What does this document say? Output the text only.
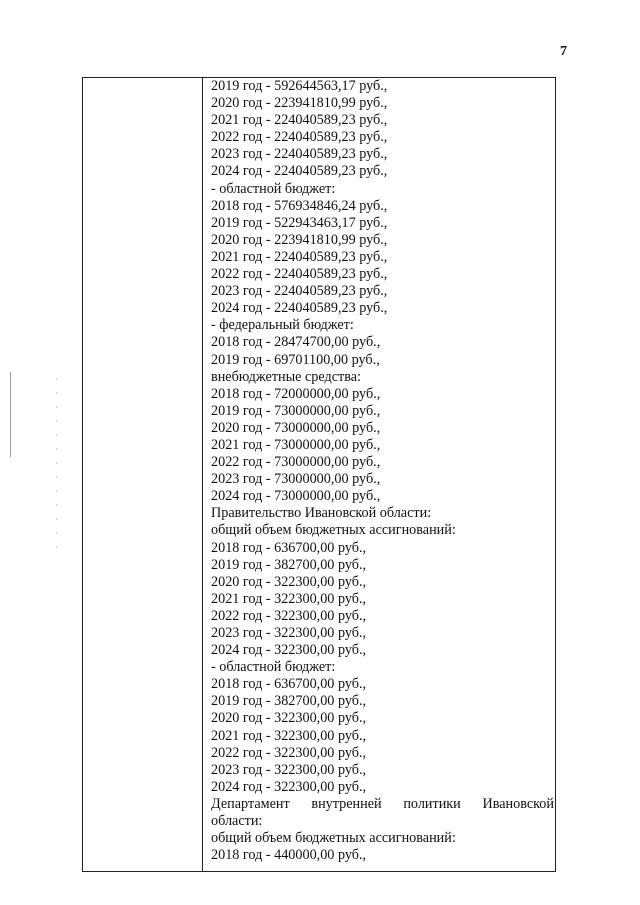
7
2019 год - 592644563,17 руб.,
2020 год - 223941810,99 руб.,
2021 год - 224040589,23 руб.,
2022 год - 224040589,23 руб.,
2023 год - 224040589,23 руб.,
2024 год - 224040589,23 руб.,
- областной бюджет:
2018 год - 576934846,24 руб.,
2019 год - 522943463,17 руб.,
2020 год - 223941810,99 руб.,
2021 год - 224040589,23 руб.,
2022 год - 224040589,23 руб.,
2023 год - 224040589,23 руб.,
2024 год - 224040589,23 руб.,
- федеральный бюджет:
2018 год - 28474700,00 руб.,
2019 год - 69701100,00 руб.,
внебюджетные средства:
2018 год - 72000000,00 руб.,
2019 год - 73000000,00 руб.,
2020 год - 73000000,00 руб.,
2021 год - 73000000,00 руб.,
2022 год - 73000000,00 руб.,
2023 год - 73000000,00 руб.,
2024 год - 73000000,00 руб.,
Правительство Ивановской области:
общий объем бюджетных ассигнований:
2018 год - 636700,00 руб.,
2019 год - 382700,00 руб.,
2020 год - 322300,00 руб.,
2021 год - 322300,00 руб.,
2022 год - 322300,00 руб.,
2023 год - 322300,00 руб.,
2024 год - 322300,00 руб.,
- областной бюджет:
2018 год - 636700,00 руб.,
2019 год - 382700,00 руб.,
2020 год - 322300,00 руб.,
2021 год - 322300,00 руб.,
2022 год - 322300,00 руб.,
2023 год - 322300,00 руб.,
2024 год - 322300,00 руб.,
Департамент внутренней политики Ивановской
области:
общий объем бюджетных ассигнований:
2018 год - 440000,00 руб.,
